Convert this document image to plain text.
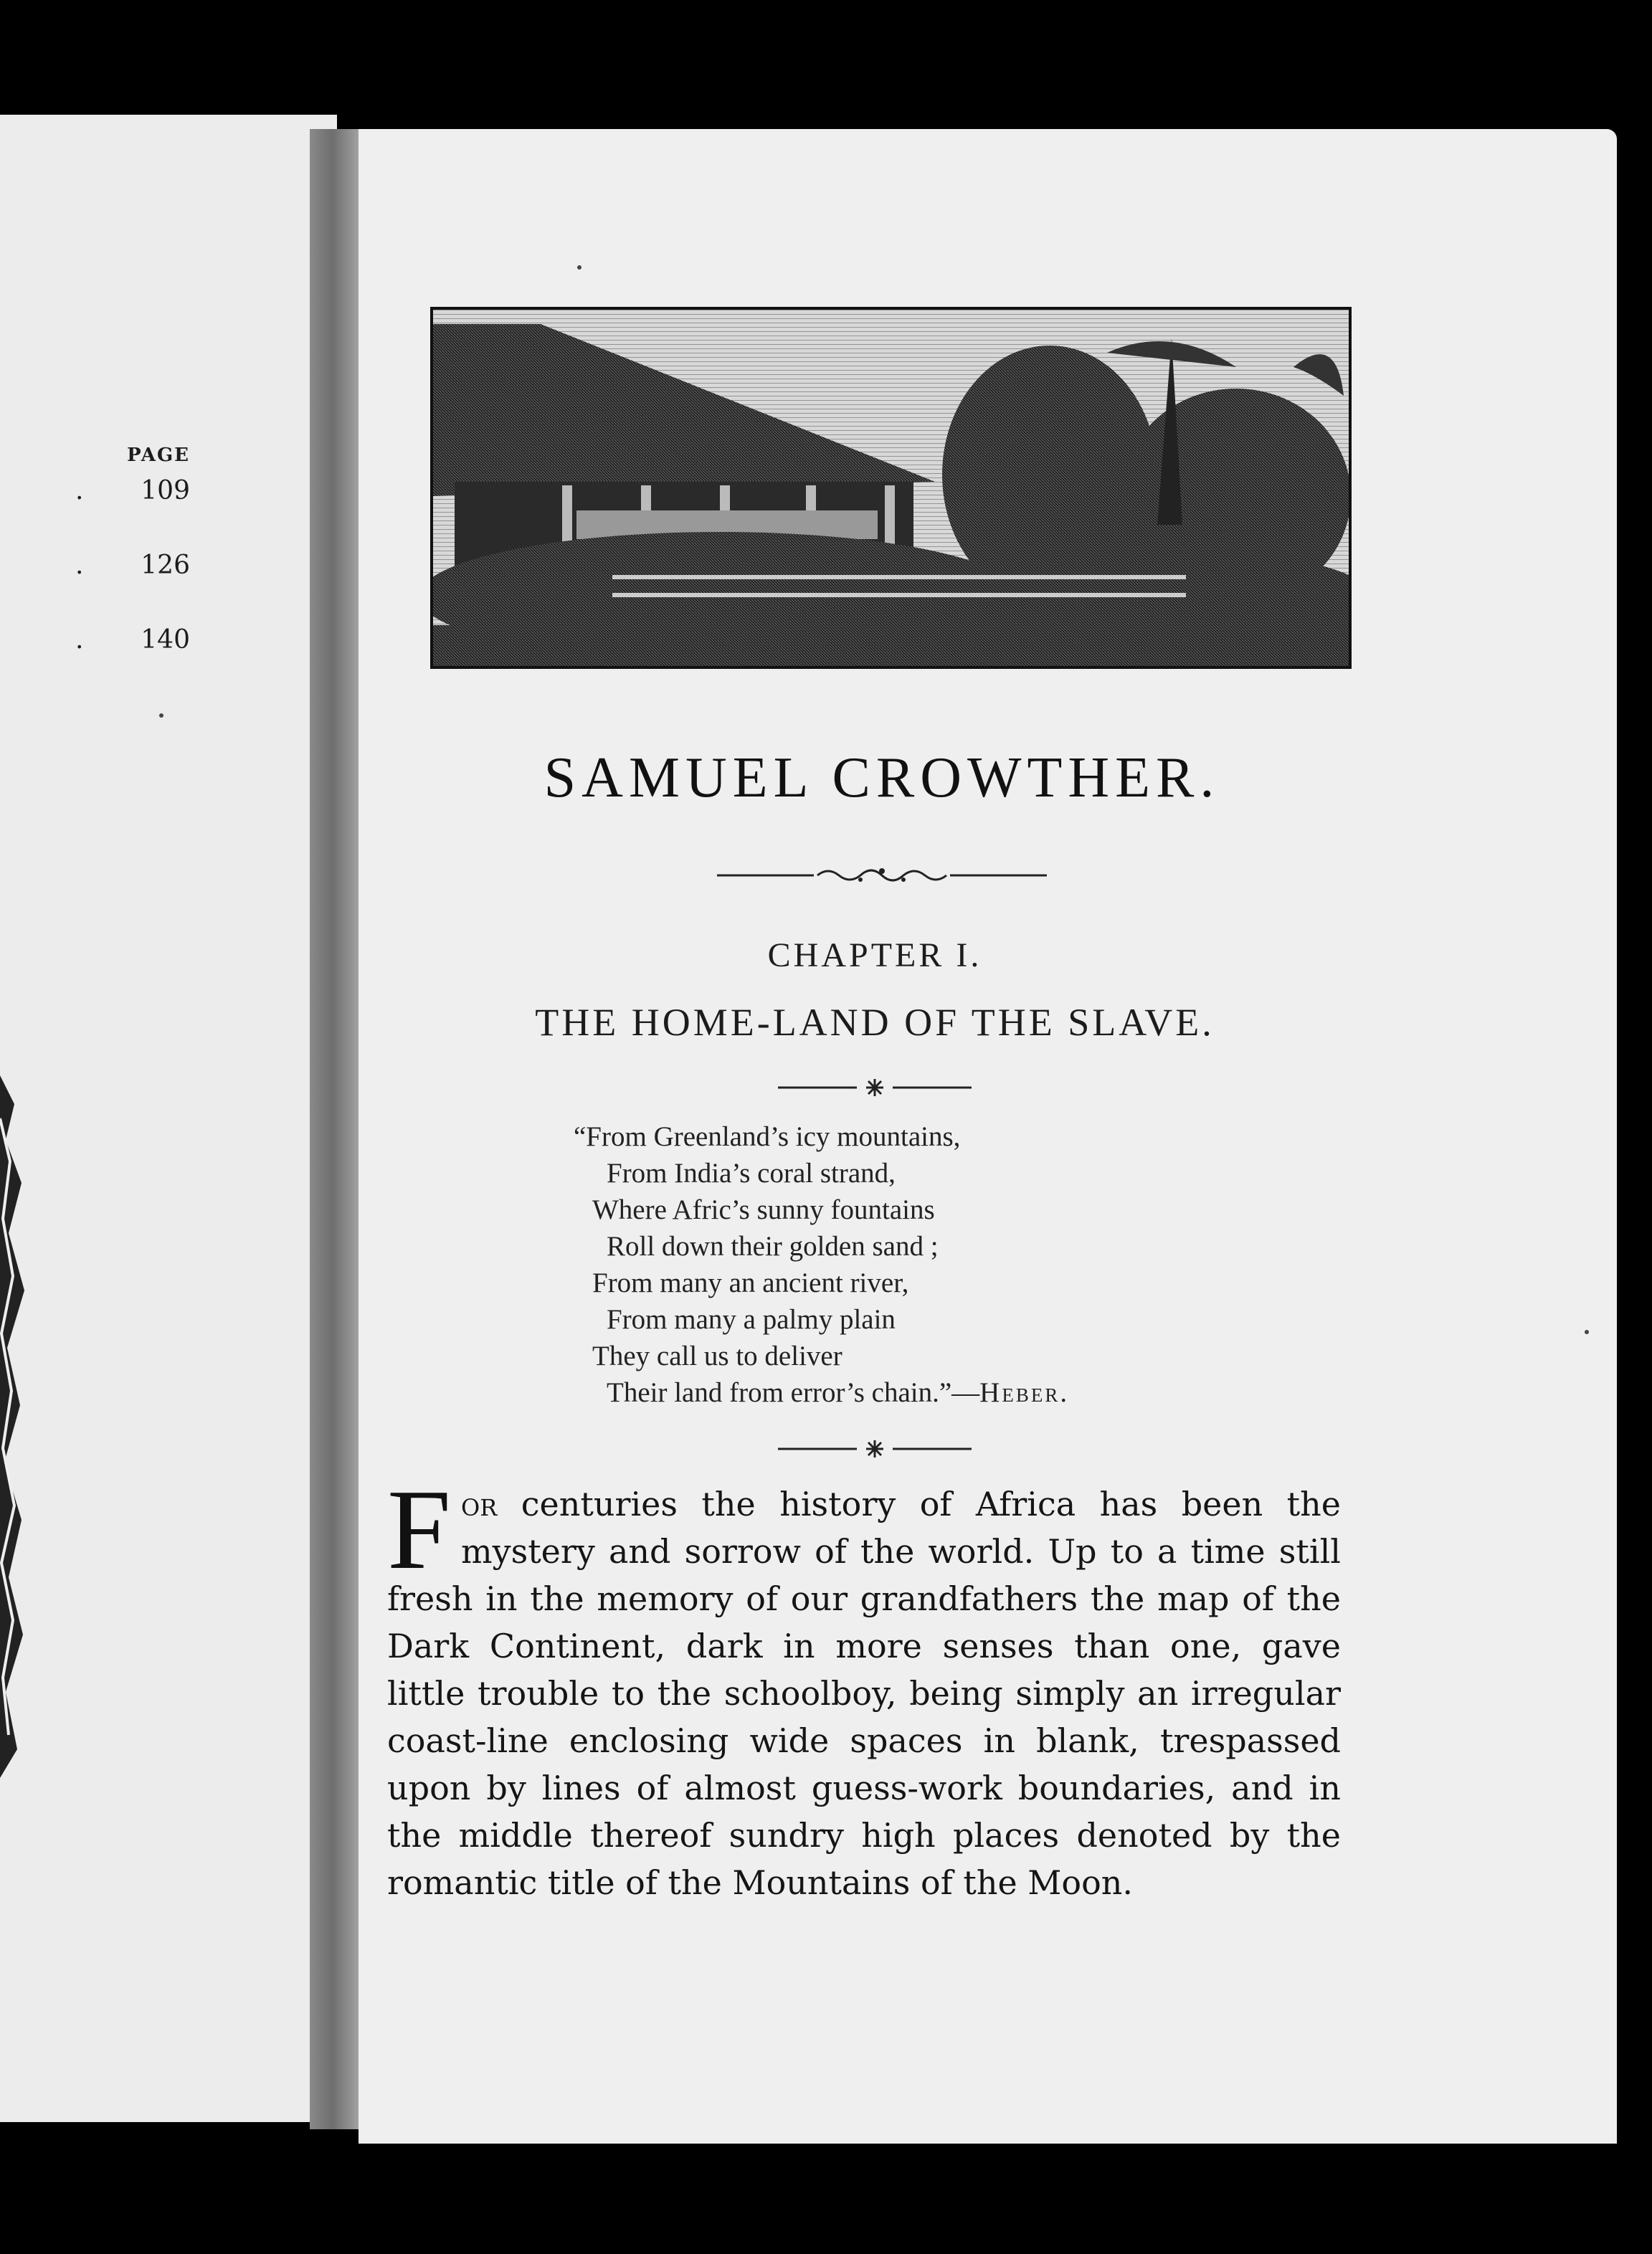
PAGE
. 109
. 126
. 140
SAMUEL CROWTHER.
CHAPTER I.
THE HOME-LAND OF THE SLAVE.
“From Greenland’s icy mountains,
From India’s coral strand,
Where Afric’s sunny fountains
Roll down their golden sand ;
From many an ancient river,
From many a palmy plain
They call us to deliver
Their land from error’s chain.”—Heber.
For centuries the history of Africa has been the mystery and sorrow of the world. Up to a time still fresh in the memory of our grandfathers the map of the Dark Continent, dark in more senses than one, gave little trouble to the schoolboy, being simply an irregular coast-line enclosing wide spaces in blank, trespassed upon by lines of almost guess-work boundaries, and in the middle thereof sundry high places denoted by the romantic title of the Mountains of the Moon.
